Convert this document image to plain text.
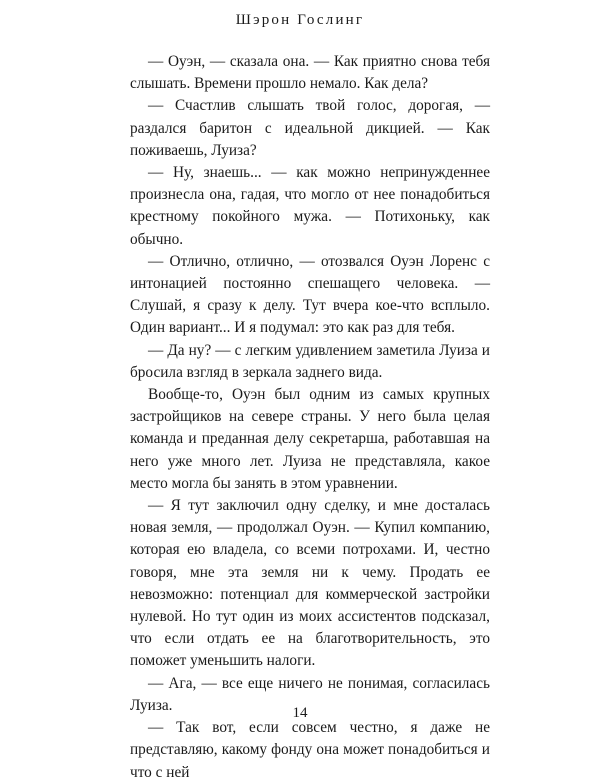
Шэрон Гослинг

— Оуэн, — сказала она. — Как приятно снова тебя слышать. Времени прошло немало. Как дела?

— Счастлив слышать твой голос, дорогая, — раздался баритон с идеальной дикцией. — Как поживаешь, Луиза?

— Ну, знаешь... — как можно непринужденнее произнесла она, гадая, что могло от нее понадобиться крестному покойного мужа. — Потихоньку, как обычно.

— Отлично, отлично, — отозвался Оуэн Лоренс с интонацией постоянно спешащего человека. — Слушай, я сразу к делу. Тут вчера кое-что всплыло. Один вариант... И я подумал: это как раз для тебя.

— Да ну? — с легким удивлением заметила Луиза и бросила взгляд в зеркала заднего вида.

Вообще-то, Оуэн был одним из самых крупных застройщиков на севере страны. У него была целая команда и преданная делу секретарша, работавшая на него уже много лет. Луиза не представляла, какое место могла бы занять в этом уравнении.

— Я тут заключил одну сделку, и мне досталась новая земля, — продолжал Оуэн. — Купил компанию, которая ею владела, со всеми потрохами. И, честно говоря, мне эта земля ни к чему. Продать ее невозможно: потенциал для коммерческой застройки нулевой. Но тут один из моих ассистентов подсказал, что если отдать ее на благотворительность, это поможет уменьшить налоги.

— Ага, — все еще ничего не понимая, согласилась Луиза.

— Так вот, если совсем честно, я даже не представляю, какому фонду она может понадобиться и что с ней

14
